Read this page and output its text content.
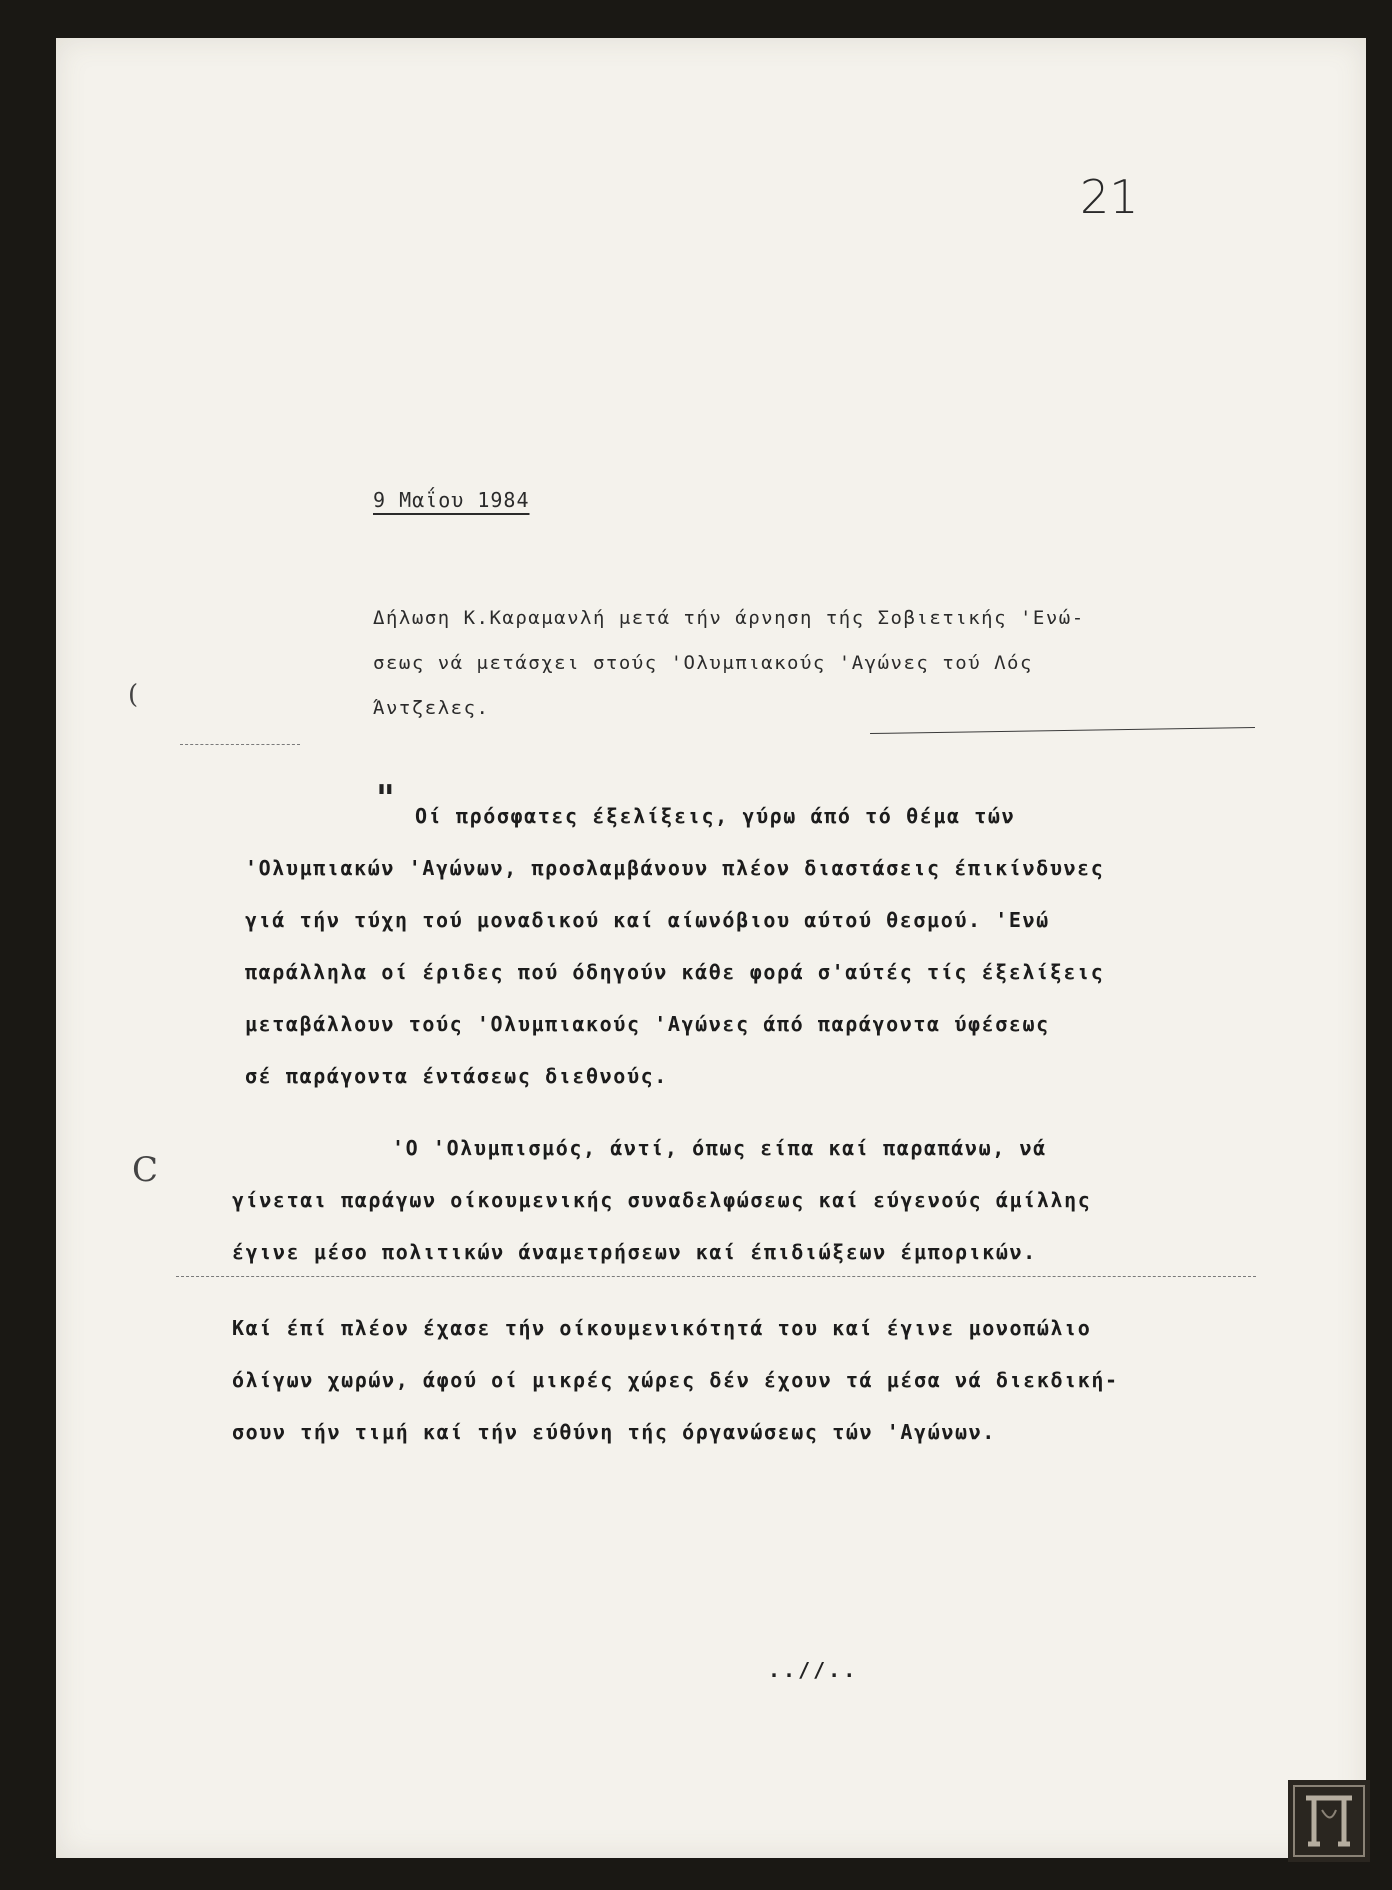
21
9 Μαΐου 1984
Δήλωση Κ.Καραμανλή μετά τήν άρνηση τής Σοβιετικής 'Ενώ-
σεως νά μετάσχει στούς 'Ολυμπιακούς 'Αγώνες τού Λός
Άντζελες.
(
C
"	Οί πρόσφατες έξελίξεις, γύρω άπό τό θέμα τών
'Ολυμπιακών 'Αγώνων, προσλαμβάνουν πλέον διαστάσεις έπικίνδυνες
γιά τήν τύχη τού μοναδικού καί αίωνόβιου αύτού θεσμού. 'Ενώ
παράλληλα οί έριδες πού όδηγούν κάθε φορά σ'αύτές τίς έξελίξεις
μεταβάλλουν τούς 'Ολυμπιακούς 'Αγώνες άπό παράγοντα ύφέσεως
σέ παράγοντα έντάσεως διεθνούς.
'Ο 'Ολυμπισμός, άντί, όπως είπα καί παραπάνω, νά
γίνεται παράγων οίκουμενικής συναδελφώσεως καί εύγενούς άμίλλης
έγινε μέσο πολιτικών άναμετρήσεων καί έπιδιώξεων έμπορικών.
Καί έπί πλέον έχασε τήν οίκουμενικότητά του καί έγινε μονοπώλιο
όλίγων χωρών, άφού οί μικρές χώρες δέν έχουν τά μέσα νά διεκδική-
σουν τήν τιμή καί τήν εύθύνη τής όργανώσεως τών 'Αγώνων.
..//..
